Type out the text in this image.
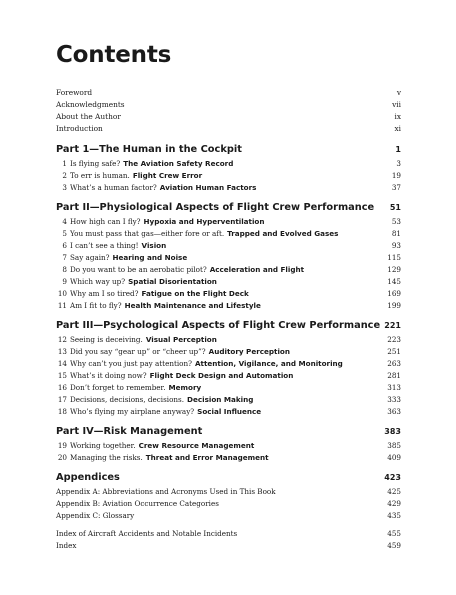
Contents
Foreword	v
Acknowledgments	vii
About the Author	ix
Introduction	xi
Part 1—The Human in the Cockpit	1
1 Is flying safe? The Aviation Safety Record	3
2 To err is human. Flight Crew Error	19
3 What’s a human factor? Aviation Human Factors	37
Part II—Physiological Aspects of Flight Crew Performance 51
4 How high can I fly? Hypoxia and Hyperventilation	53
5 You must pass that gas—either fore or aft. Trapped and Evolved Gases	81
6 I can’t see a thing! Vision	93
7 Say again? Hearing and Noise	115
8 Do you want to be an aerobatic pilot? Acceleration and Flight	129
9 Which way up? Spatial Disorientation	145
10 Why am I so tired? Fatigue on the Flight Deck	169
11 Am I fit to fly? Health Maintenance and Lifestyle	199
Part III—Psychological Aspects of Flight Crew Performance 221
12 Seeing is deceiving. Visual Perception	223
13 Did you say “gear up” or “cheer up”? Auditory Perception	251
14 Why can’t you just pay attention? Attention, Vigilance, and Monitoring	263
15 What’s it doing now? Flight Deck Design and Automation	281
16 Don’t forget to remember. Memory	313
17 Decisions, decisions, decisions. Decision Making	333
18 Who’s flying my airplane anyway? Social Influence	363
Part IV—Risk Management	383
19 Working together. Crew Resource Management	385
20 Managing the risks. Threat and Error Management	409
Appendices	423
Appendix A: Abbreviations and Acronyms Used in This Book	425
Appendix B: Aviation Occurrence Categories	429
Appendix C: Glossary	435
Index of Aircraft Accidents and Notable Incidents	455
Index	459
